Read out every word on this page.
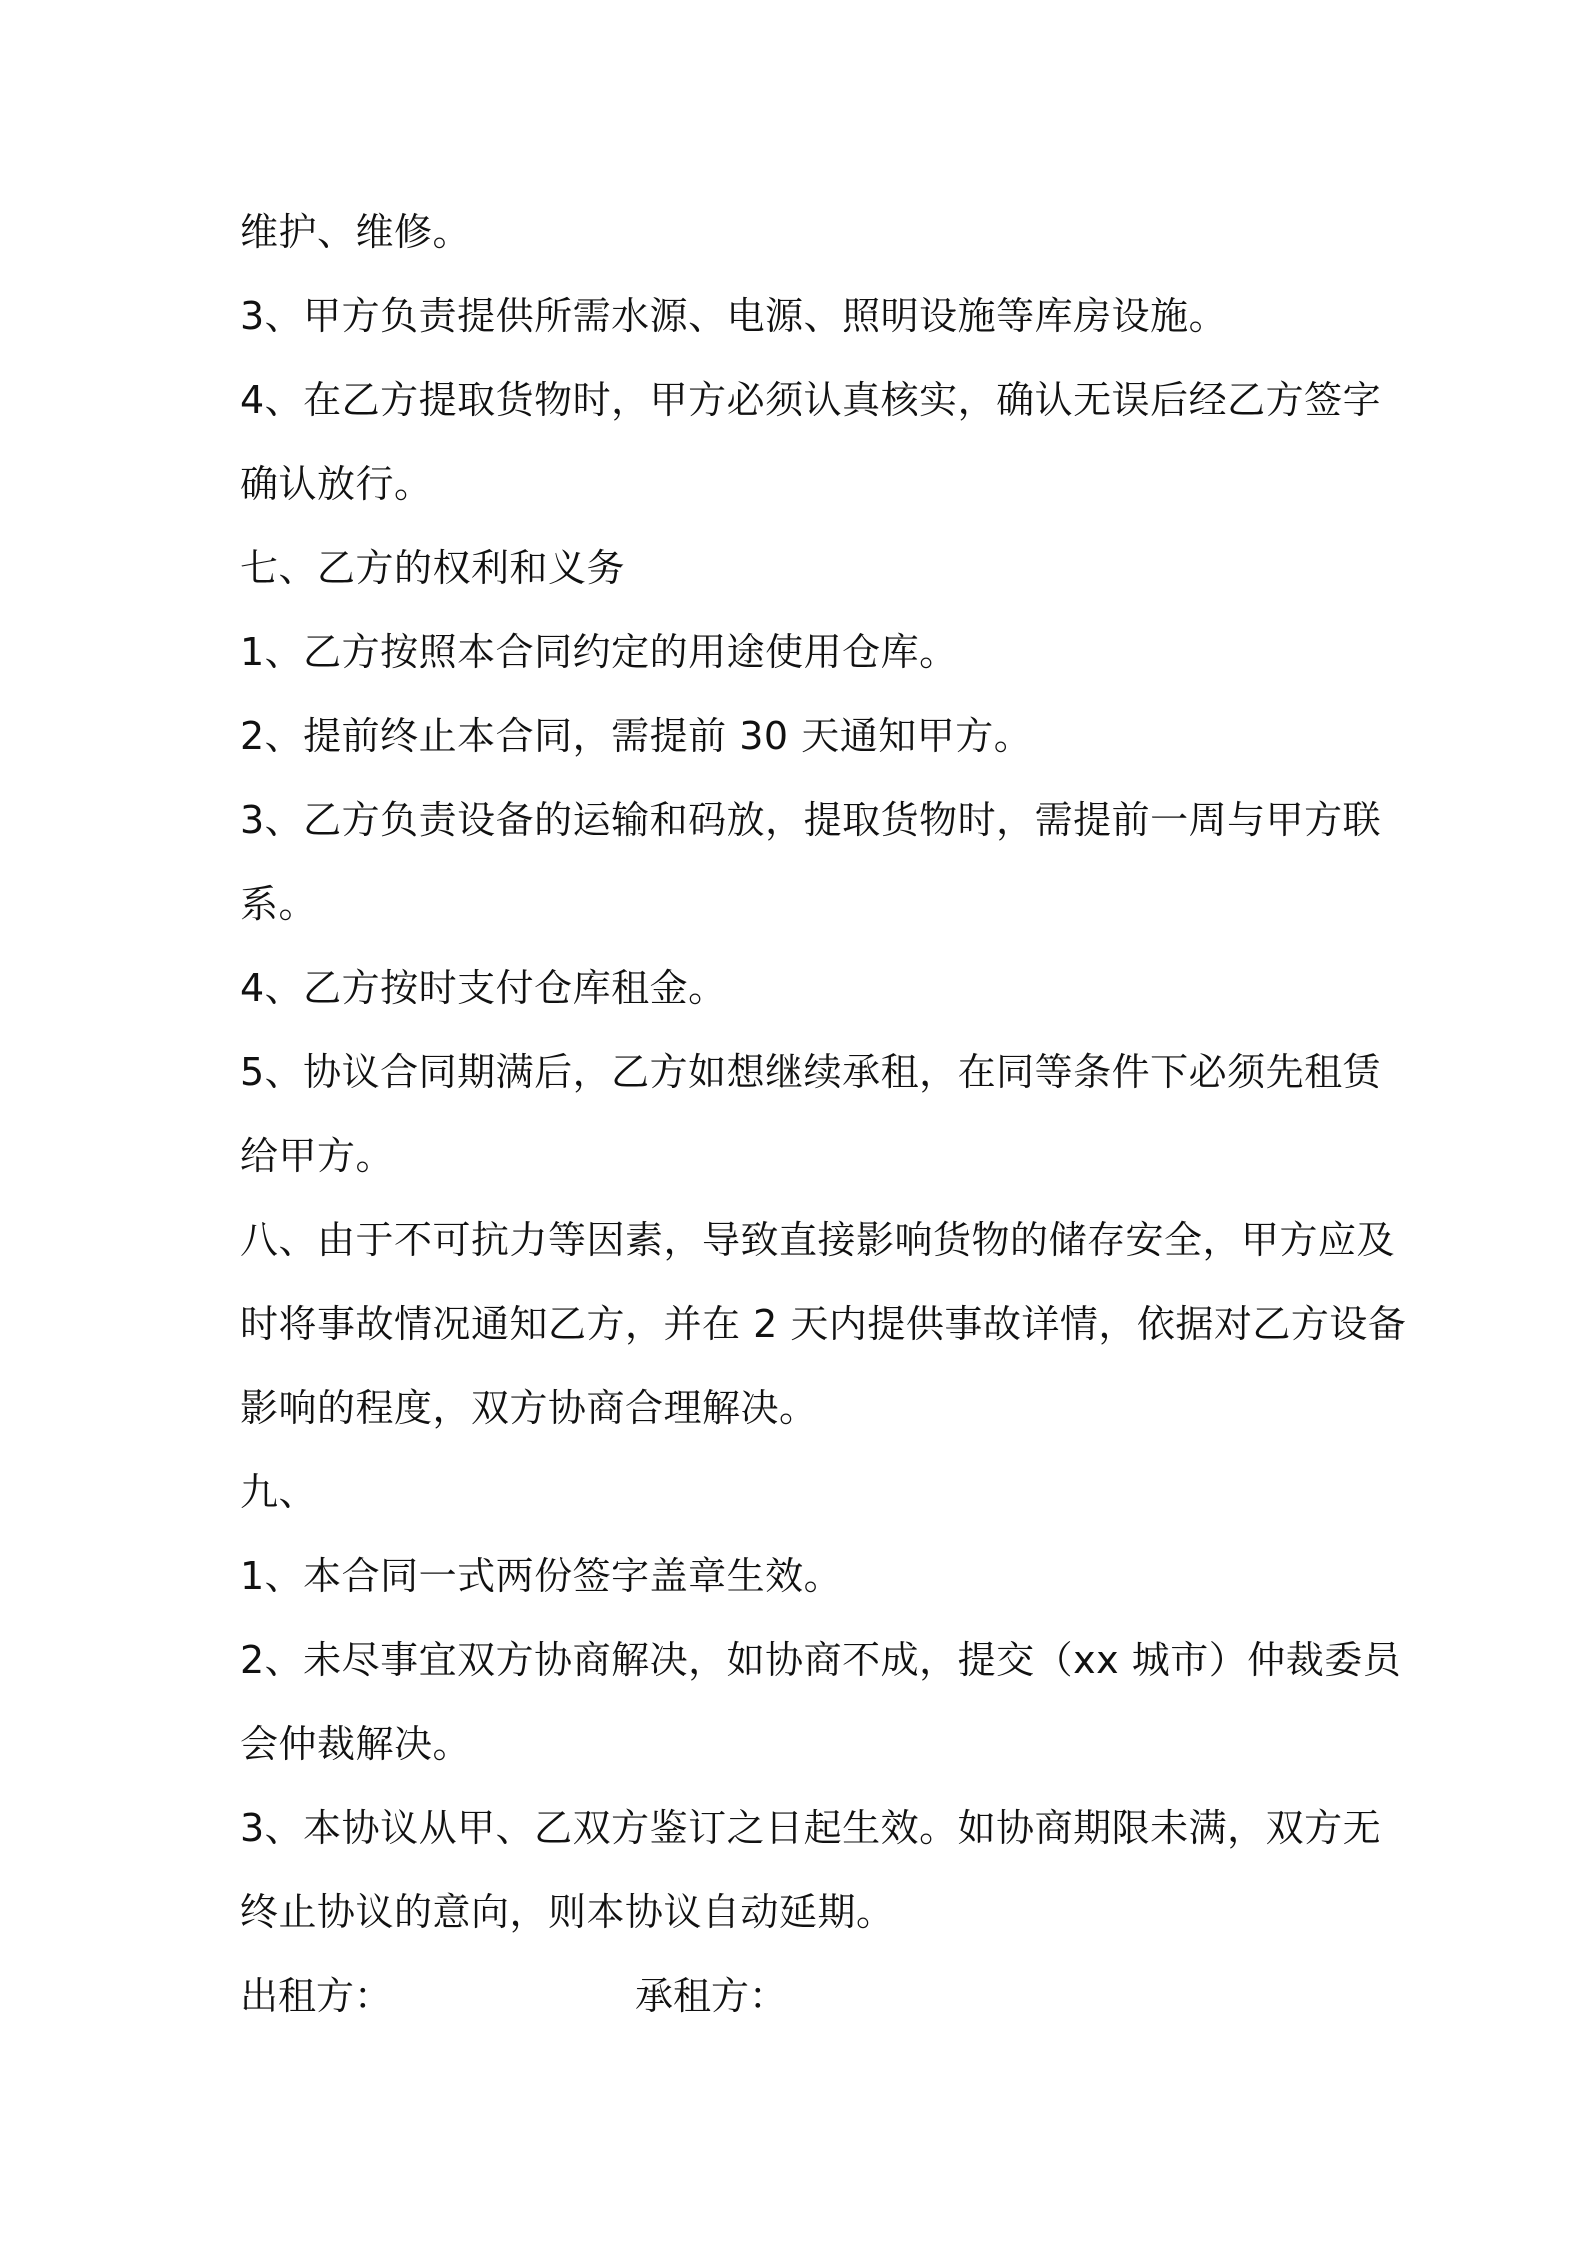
维护、维修。
3、甲方负责提供所需水源、电源、照明设施等库房设施。
4、在乙方提取货物时，甲方必须认真核实，确认无误后经乙方签字
确认放行。
七、乙方的权利和义务
1、乙方按照本合同约定的用途使用仓库。
2、提前终止本合同，需提前 30 天通知甲方。
3、乙方负责设备的运输和码放，提取货物时，需提前一周与甲方联
系。
4、乙方按时支付仓库租金。
5、协议合同期满后，乙方如想继续承租，在同等条件下必须先租赁
给甲方。
八、由于不可抗力等因素，导致直接影响货物的储存安全，甲方应及
时将事故情况通知乙方，并在 2 天内提供事故详情，依据对乙方设备
影响的程度，双方协商合理解决。
九、
1、本合同一式两份签字盖章生效。
2、未尽事宜双方协商解决，如协商不成，提交（xx 城市）仲裁委员
会仲裁解决。
3、本协议从甲、乙双方鉴订之日起生效。如协商期限未满，双方无
终止协议的意向，则本协议自动延期。
出租方：	承租方：
